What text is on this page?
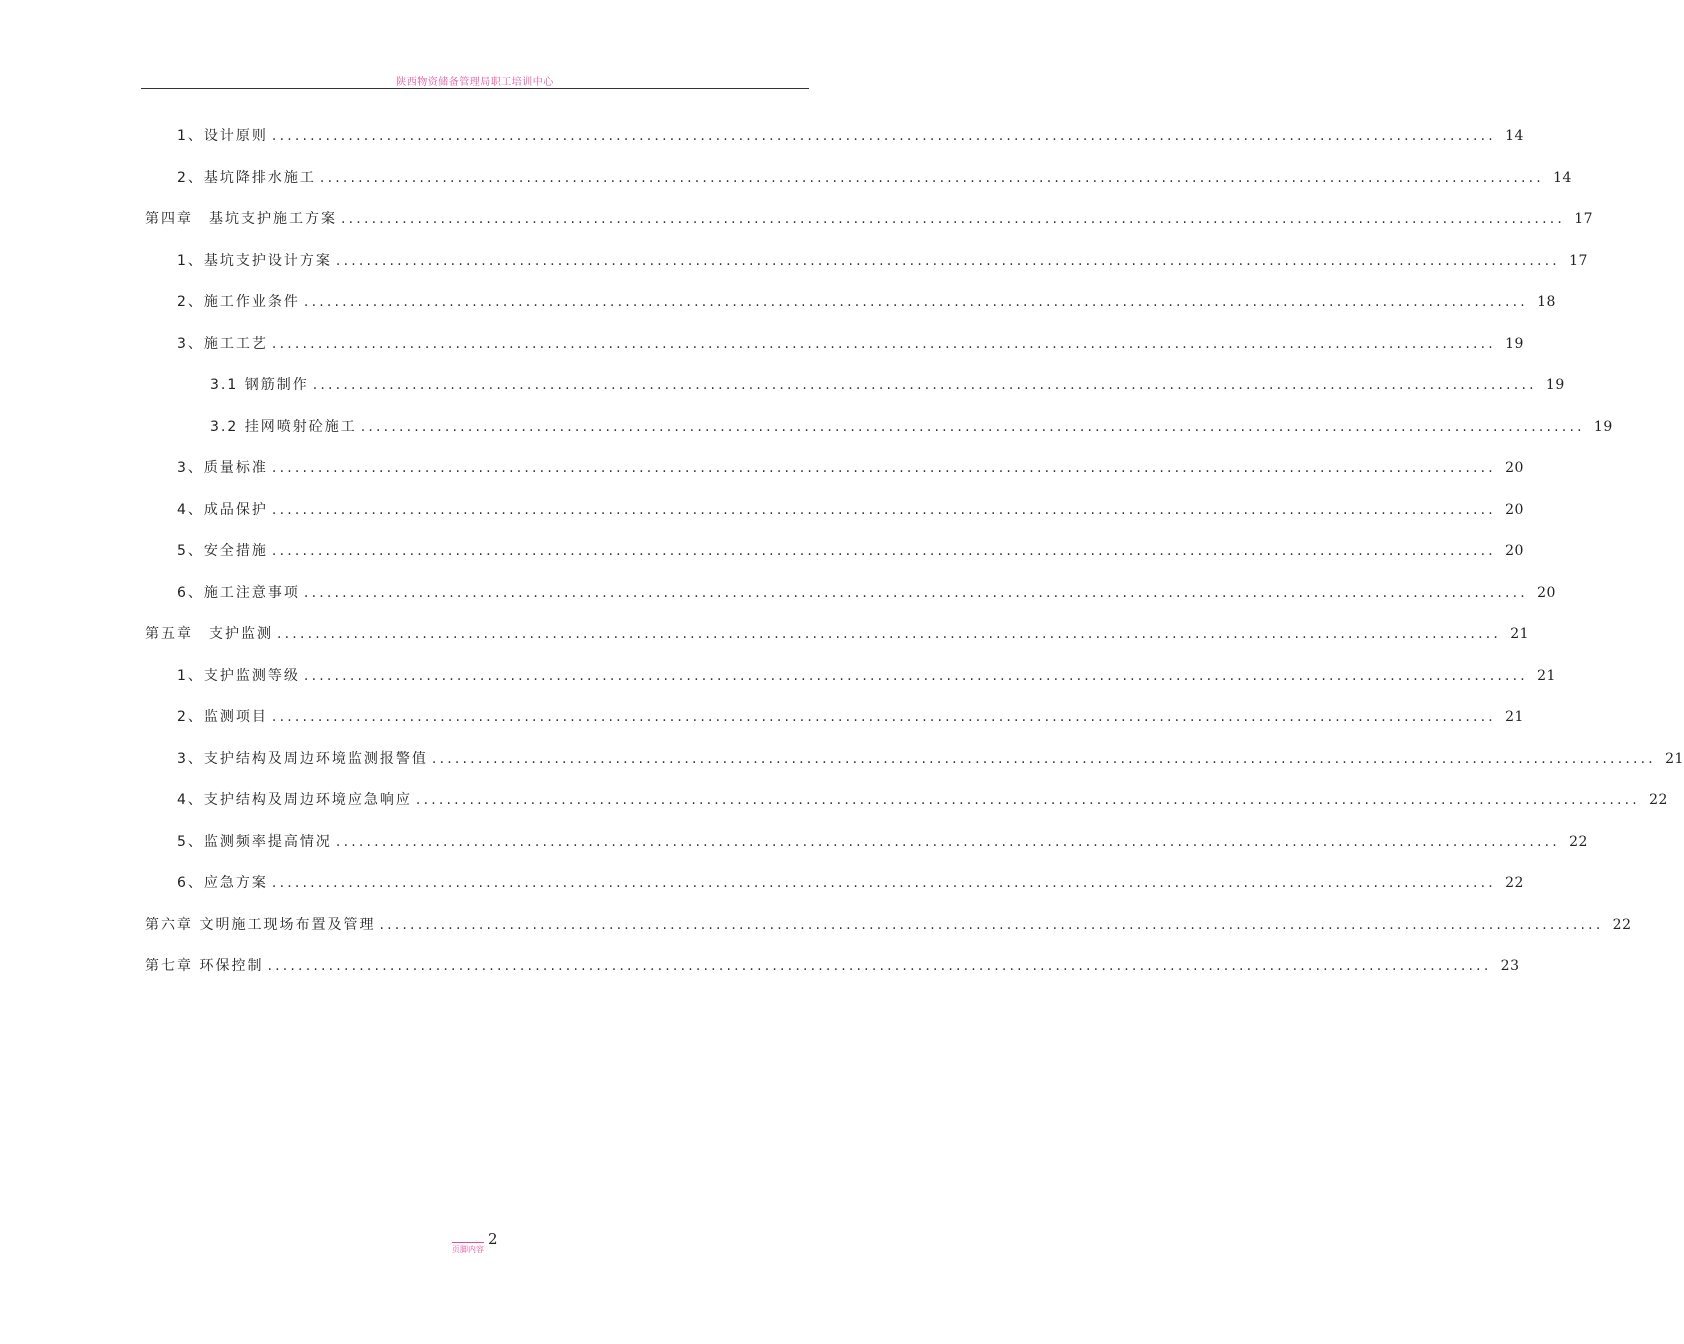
陕西物资储备管理局职工培训中心
1、设计原则 ................................................................................................................................................................ 14
2、基坑降排水施工 ................................................................................................................................................................ 14
第四章　基坑支护施工方案 ................................................................................................................................................................ 17
1、基坑支护设计方案 ................................................................................................................................................................ 17
2、施工作业条件 ................................................................................................................................................................ 18
3、施工工艺 ................................................................................................................................................................ 19
3.1 钢筋制作 ................................................................................................................................................................ 19
3.2 挂网喷射砼施工 ................................................................................................................................................................ 19
3、质量标准 ................................................................................................................................................................ 20
4、成品保护 ................................................................................................................................................................ 20
5、安全措施 ................................................................................................................................................................ 20
6、施工注意事项 ................................................................................................................................................................ 20
第五章　支护监测 ................................................................................................................................................................ 21
1、支护监测等级 ................................................................................................................................................................ 21
2、监测项目 ................................................................................................................................................................ 21
3、支护结构及周边环境监测报警值 ................................................................................................................................................................ 21
4、支护结构及周边环境应急响应 ................................................................................................................................................................ 22
5、监测频率提高情况 ................................................................................................................................................................ 22
6、应急方案 ................................................................................................................................................................ 22
第六章 文明施工现场布置及管理 ................................................................................................................................................................ 22
第七章 环保控制 ................................................................................................................................................................ 23
页脚内容
2
